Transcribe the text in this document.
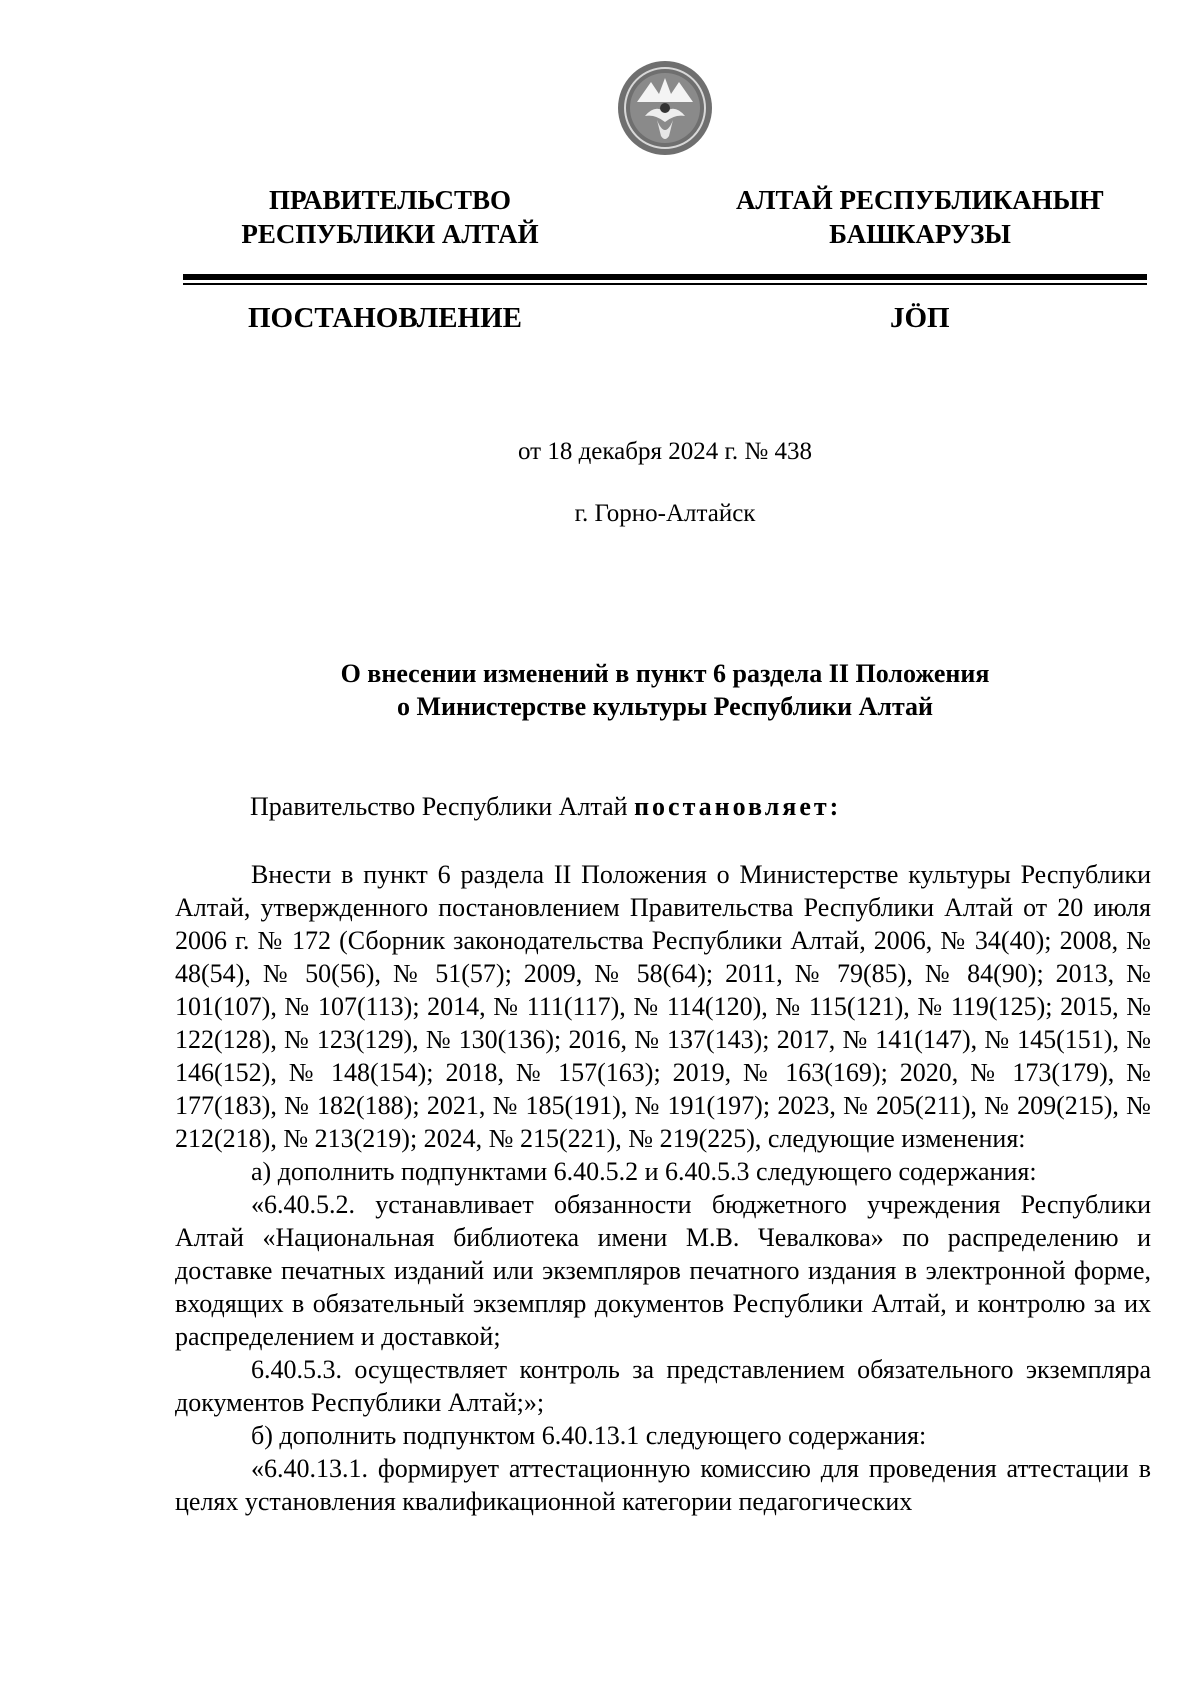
ПРАВИТЕЛЬСТВО
РЕСПУБЛИКИ АЛТАЙ
АЛТАЙ РЕСПУБЛИКАНЫҤ
БАШКАРУЗЫ
ПОСТАНОВЛЕНИЕ	JӦП
от 18 декабря 2024 г. № 438
г. Горно-Алтайск
О внесении изменений в пункт 6 раздела II Положения
о Министерстве культуры Республики Алтай
Правительство Республики Алтай постановляет:

Внести в пункт 6 раздела II Положения о Министерстве культуры Республики Алтай, утвержденного постановлением Правительства Республики Алтай от 20 июля 2006 г. № 172 (Сборник законодательства Республики Алтай, 2006, № 34(40); 2008, № 48(54), № 50(56), № 51(57); 2009, № 58(64); 2011, № 79(85), № 84(90); 2013, № 101(107), № 107(113); 2014, № 111(117), № 114(120), № 115(121), № 119(125); 2015, № 122(128), № 123(129), № 130(136); 2016, № 137(143); 2017, № 141(147), № 145(151), № 146(152), № 148(154); 2018, № 157(163); 2019, № 163(169); 2020, № 173(179), № 177(183), № 182(188); 2021, № 185(191), № 191(197); 2023, № 205(211), № 209(215), № 212(218), № 213(219); 2024, № 215(221), № 219(225), следующие изменения:

а) дополнить подпунктами 6.40.5.2 и 6.40.5.3 следующего содержания:

«6.40.5.2. устанавливает обязанности бюджетного учреждения Республики Алтай «Национальная библиотека имени М.В. Чевалкова» по распределению и доставке печатных изданий или экземпляров печатного издания в электронной форме, входящих в обязательный экземпляр документов Республики Алтай, и контролю за их распределением и доставкой;

6.40.5.3. осуществляет контроль за представлением обязательного экземпляра документов Республики Алтай;»;

б) дополнить подпунктом 6.40.13.1 следующего содержания:

«6.40.13.1. формирует аттестационную комиссию для проведения аттестации в целях установления квалификационной категории педагогических
